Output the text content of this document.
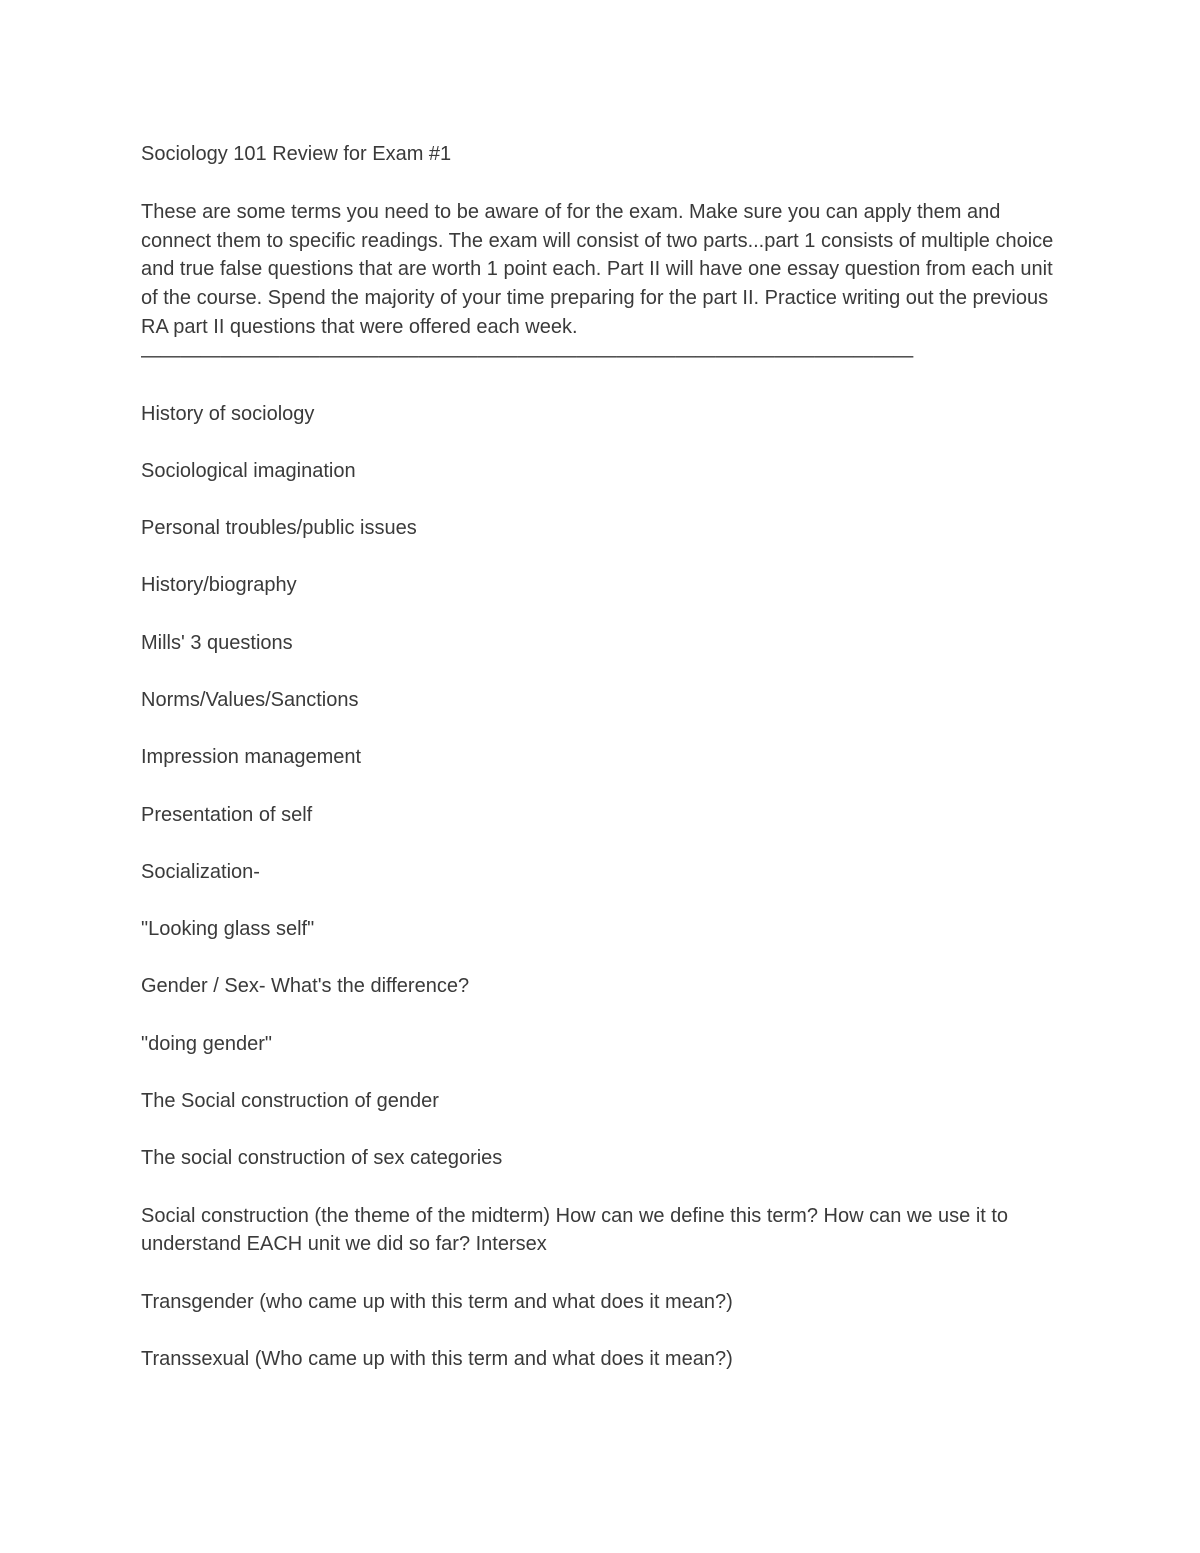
Sociology 101 Review for Exam #1

These are some terms you need to be aware of for the exam. Make sure you can apply them and connect them to specific readings. The exam will consist of two parts...part 1 consists of multiple choice and true false questions that are worth 1 point each. Part II will have one essay question from each unit of the course. Spend the majority of your time preparing for the part II. Practice writing out the previous RA part II questions that were offered each week.

———————————————————————————————————————

History of sociology
Sociological imagination
Personal troubles/public issues
History/biography
Mills' 3 questions
Norms/Values/Sanctions
Impression management
Presentation of self
Socialization-
"Looking glass self"
Gender / Sex- What's the difference?
"doing gender"
The Social construction of gender
The social construction of sex categories
Social construction (the theme of the midterm) How can we define this term? How can we use it to understand EACH unit we did so far? Intersex
Transgender (who came up with this term and what does it mean?)
Transsexual (Who came up with this term and what does it mean?)
